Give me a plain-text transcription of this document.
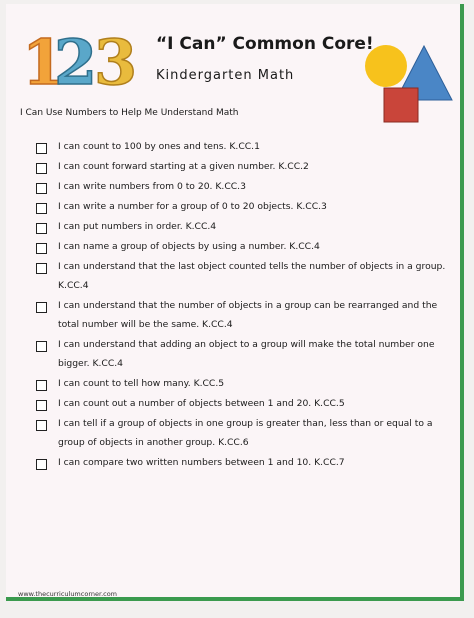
1
2
3 “I Can” Common Core!
Kindergarten Math
I Can Use Numbers to Help Me Understand Math
I can count to 100 by ones and tens. K.CC.1
I can count forward starting at a given number. K.CC.2
I can write numbers from 0 to 20. K.CC.3
I can write a number for a group of 0 to 20 objects. K.CC.3
I can put numbers in order. K.CC.4
I can name a group of objects by using a number. K.CC.4
I can understand that the last object counted tells the number of objects in a group. K.CC.4
I can understand that the number of objects in a group can be rearranged and the total number will be the same. K.CC.4
I can understand that adding an object to a group will make the total number one bigger. K.CC.4
I can count to tell how many. K.CC.5
I can count out a number of objects between 1 and 20. K.CC.5
I can tell if a group of objects in one group is greater than, less than or equal to a group of objects in another group. K.CC.6
I can compare two written numbers between 1 and 10. K.CC.7
www.thecurriculumcorner.com
